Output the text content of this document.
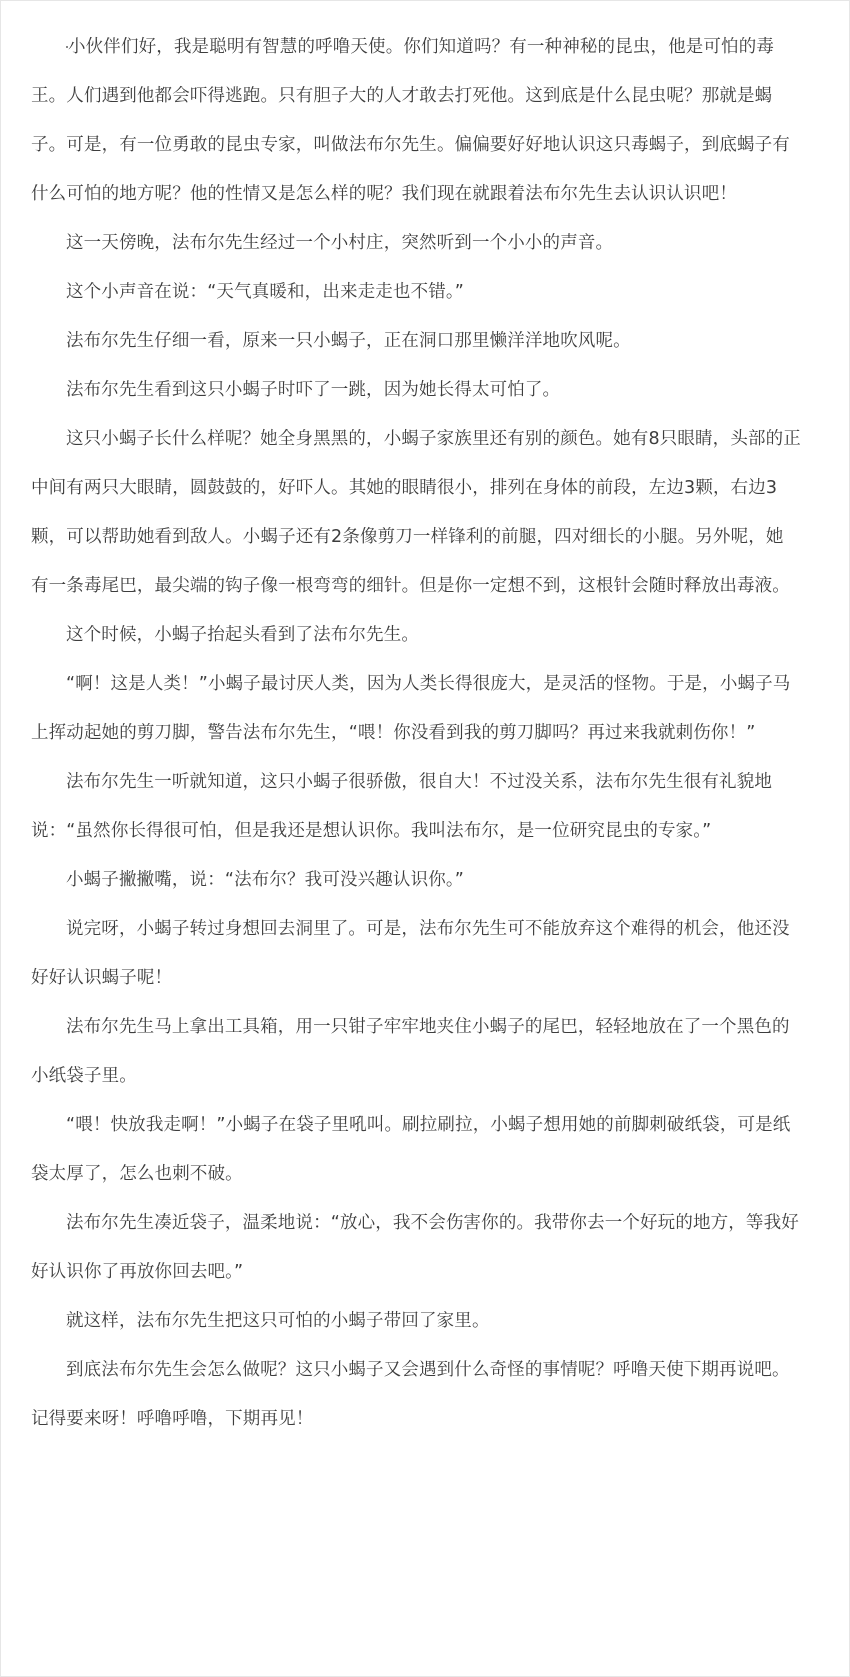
小伙伴们好，我是聪明有智慧的呼噜天使。你们知道吗？有一种神秘的昆虫，他是可怕的毒王。人们遇到他都会吓得逃跑。只有胆子大的人才敢去打死他。这到底是什么昆虫呢？那就是蝎子。可是，有一位勇敢的昆虫专家，叫做法布尔先生。偏偏要好好地认识这只毒蝎子，到底蝎子有什么可怕的地方呢？他的性情又是怎么样的呢？我们现在就跟着法布尔先生去认识认识吧！

这一天傍晚，法布尔先生经过一个小村庄，突然听到一个小小的声音。

这个小声音在说：“天气真暖和，出来走走也不错。”

法布尔先生仔细一看，原来一只小蝎子，正在洞口那里懒洋洋地吹风呢。

法布尔先生看到这只小蝎子时吓了一跳，因为她长得太可怕了。

这只小蝎子长什么样呢？她全身黑黑的，小蝎子家族里还有别的颜色。她有8只眼睛，头部的正中间有两只大眼睛，圆鼓鼓的，好吓人。其她的眼睛很小，排列在身体的前段，左边3颗，右边3颗，可以帮助她看到敌人。小蝎子还有2条像剪刀一样锋利的前腿，四对细长的小腿。另外呢，她有一条毒尾巴，最尖端的钩子像一根弯弯的细针。但是你一定想不到，这根针会随时释放出毒液。

这个时候，小蝎子抬起头看到了法布尔先生。

“啊！这是人类！”小蝎子最讨厌人类，因为人类长得很庞大，是灵活的怪物。于是，小蝎子马上挥动起她的剪刀脚，警告法布尔先生，“喂！你没看到我的剪刀脚吗？再过来我就刺伤你！”

法布尔先生一听就知道，这只小蝎子很骄傲，很自大！不过没关系，法布尔先生很有礼貌地说：“虽然你长得很可怕，但是我还是想认识你。我叫法布尔，是一位研究昆虫的专家。”

小蝎子撇撇嘴，说：“法布尔？我可没兴趣认识你。”

说完呀，小蝎子转过身想回去洞里了。可是，法布尔先生可不能放弃这个难得的机会，他还没好好认识蝎子呢！

法布尔先生马上拿出工具箱，用一只钳子牢牢地夹住小蝎子的尾巴，轻轻地放在了一个黑色的小纸袋子里。

“喂！快放我走啊！”小蝎子在袋子里吼叫。刷拉刷拉，小蝎子想用她的前脚刺破纸袋，可是纸袋太厚了，怎么也刺不破。

法布尔先生凑近袋子，温柔地说：“放心，我不会伤害你的。我带你去一个好玩的地方，等我好好认识你了再放你回去吧。”

就这样，法布尔先生把这只可怕的小蝎子带回了家里。

到底法布尔先生会怎么做呢？这只小蝎子又会遇到什么奇怪的事情呢？呼噜天使下期再说吧。记得要来呀！呼噜呼噜，下期再见！
